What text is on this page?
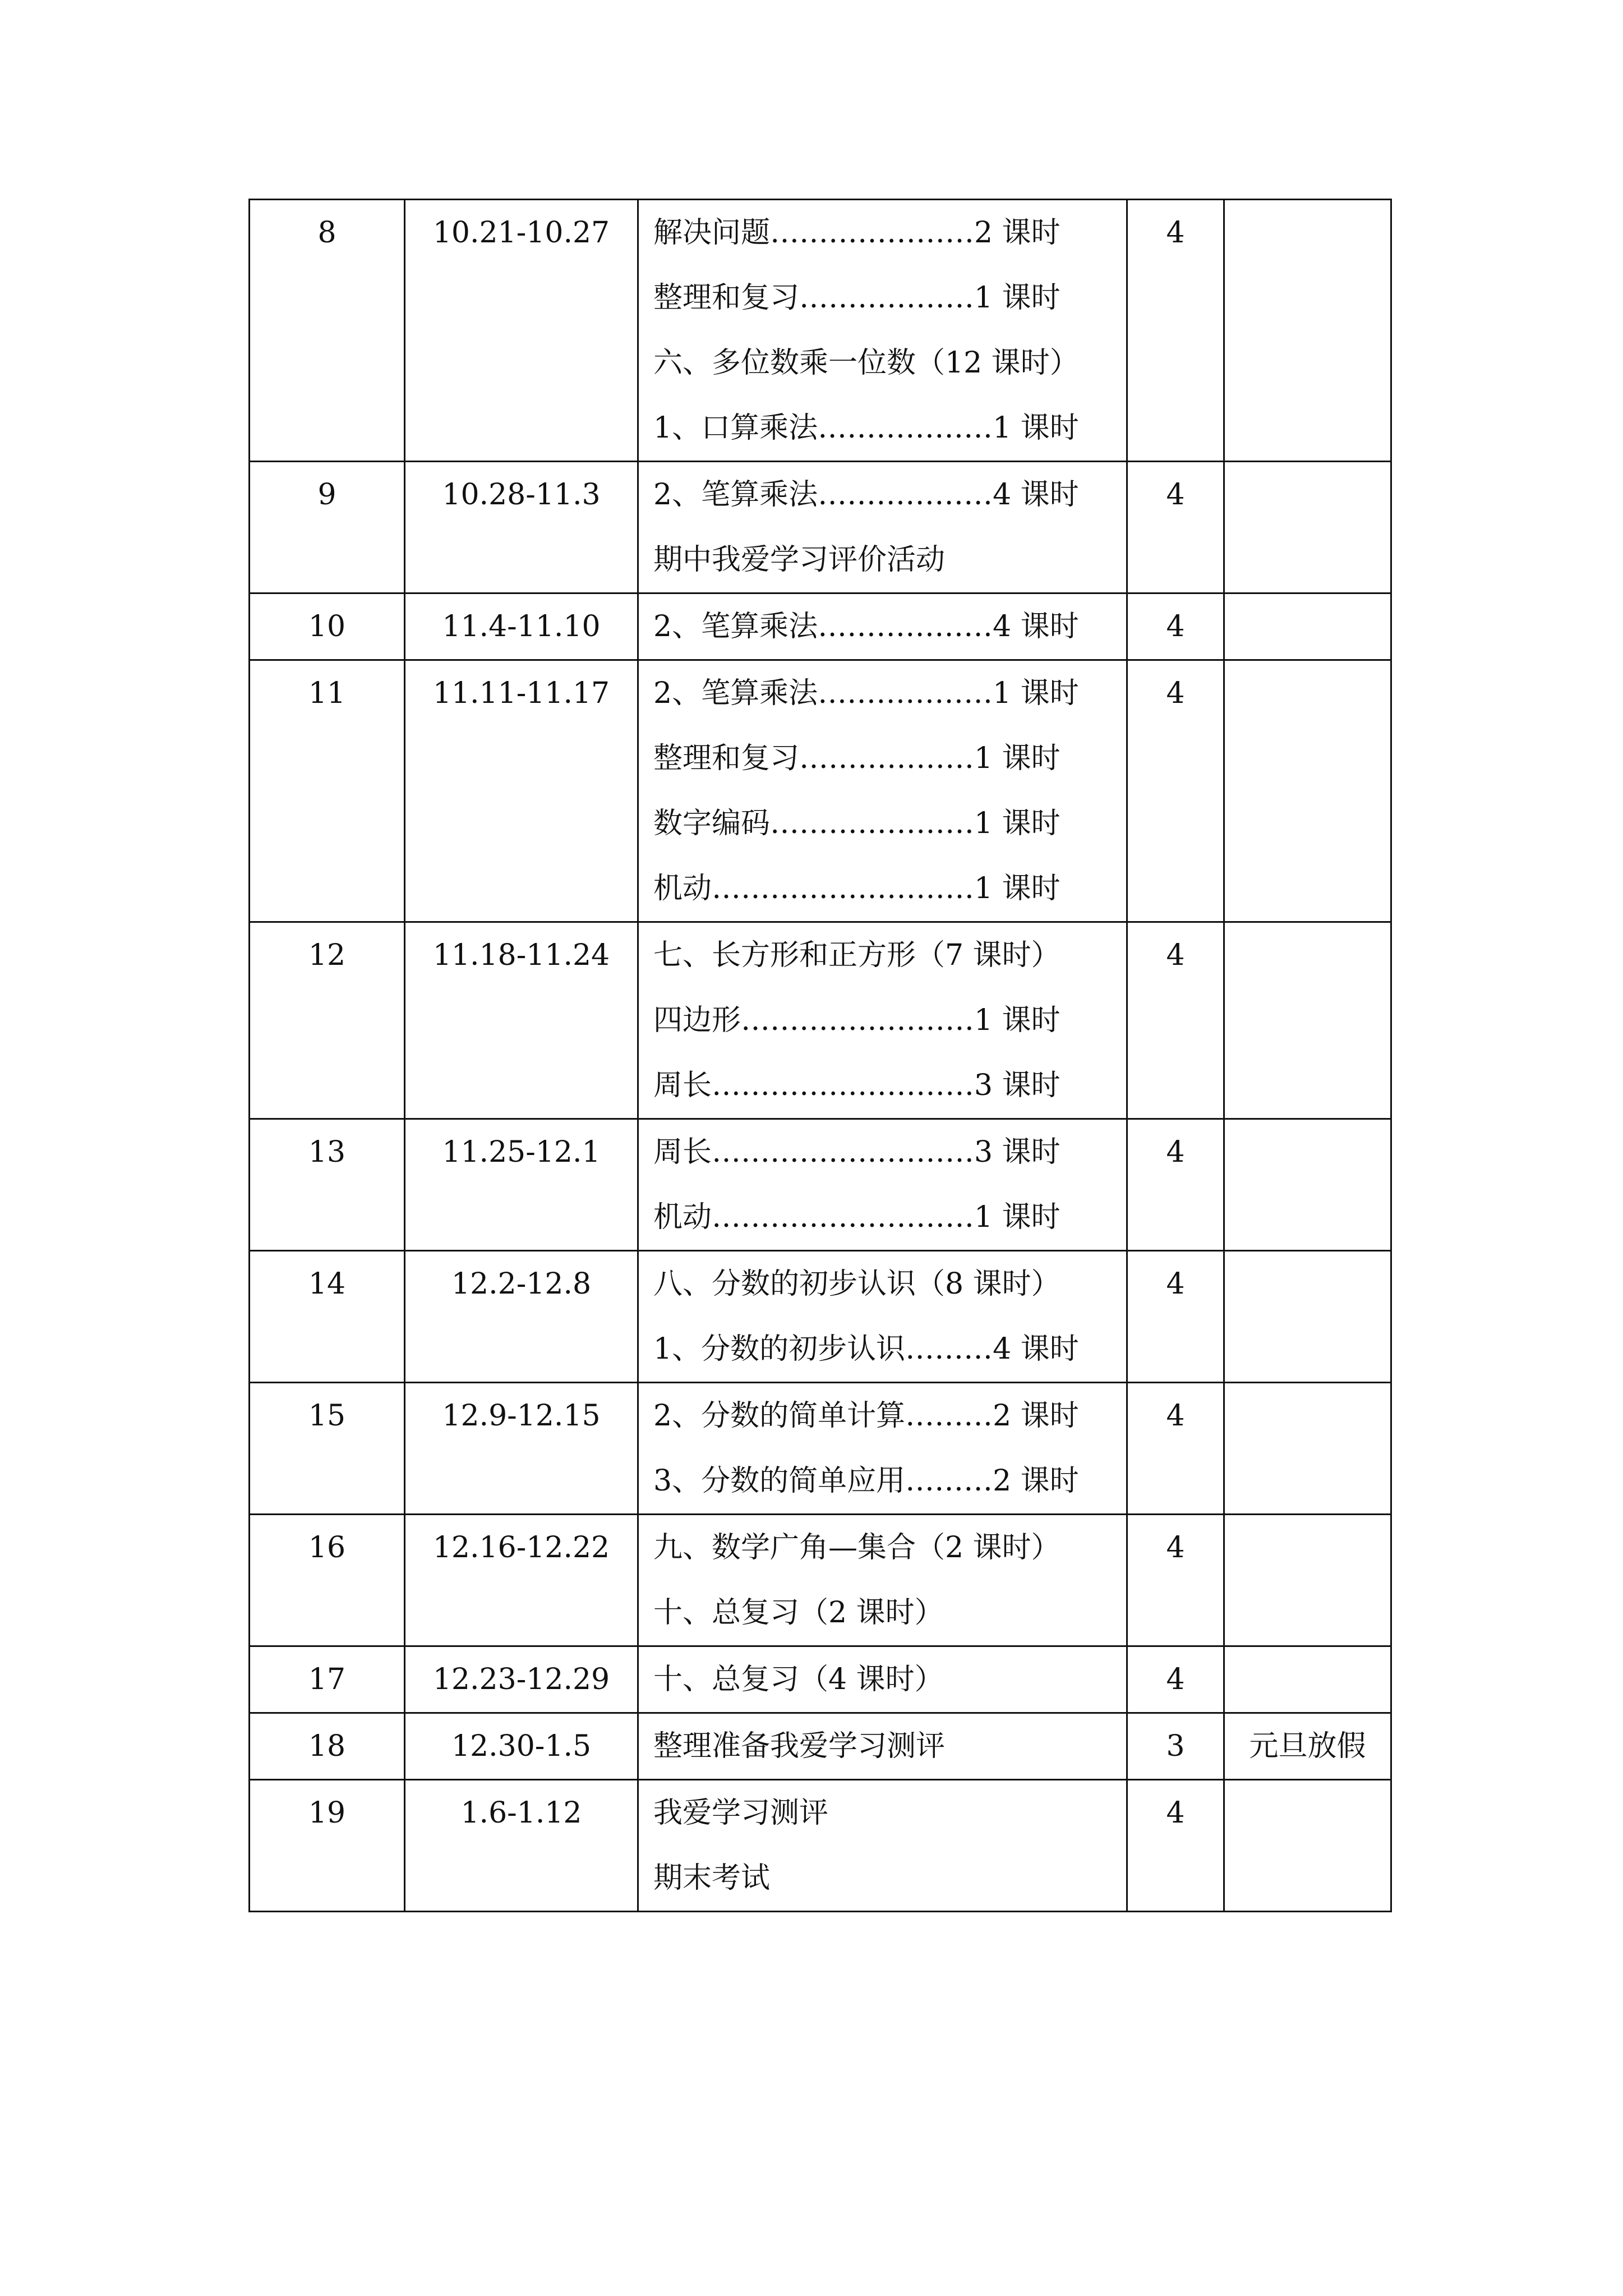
8	10.21-10.27	解决问题…………………2 课时
整理和复习………………1 课时
六、多位数乘一位数（12 课时）
1、口算乘法………………1 课时	4	

9	10.28-11.3	2、笔算乘法………………4 课时
期中我爱学习评价活动	4	

10	11.4-11.10	2、笔算乘法………………4 课时	4	

11	11.11-11.17	2、笔算乘法………………1 课时
整理和复习………………1 课时
数字编码…………………1 课时
机动………………………1 课时	4	

12	11.18-11.24	七、长方形和正方形（7 课时）
四边形……………………1 课时
周长………………………3 课时	4	

13	11.25-12.1	周长………………………3 课时
机动………………………1 课时	4	

14	12.2-12.8	八、分数的初步认识（8 课时）
1、分数的初步认识………4 课时	4	

15	12.9-12.15	2、分数的简单计算………2 课时
3、分数的简单应用………2 课时	4	

16	12.16-12.22	九、数学广角—集合（2 课时）
十、总复习（2 课时）	4	

17	12.23-12.29	十、总复习（4 课时）	4	

18	12.30-1.5	整理准备我爱学习测评	3	元旦放假

19	1.6-1.12	我爱学习测评
期末考试	4	
